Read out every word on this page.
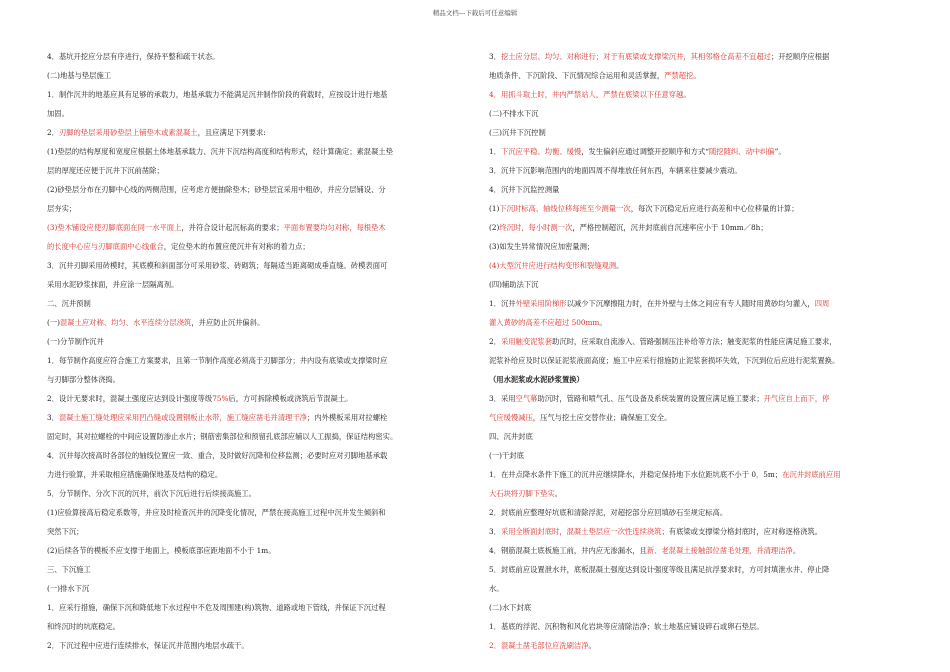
精品文档---下载后可任意编辑
4．基坑开挖应分层有序进行，保持平整和疏干状态。
(二)地基与垫层施工
1．制作沉井的地基应具有足够的承载力，地基承载力不能满足沉井制作阶段的荷载时，应按设计进行地基
加固。
2．刃脚的垫层采用砂垫层上铺垫木或素混凝土，且应满足下列要求:
(1)垫层的结构厚度和宽度应根据土体地基承载力、沉井下沉结构高度和结构形式，经计算确定；素混凝土垫
层的厚度还应便于沉井下沉前凿除；
(2)砂垫层分布在刃脚中心线的两侧范围，应考虑方便抽除垫木；砂垫层宜采用中粗砂，并应分层铺设、分
层夯实；
(3)垫木铺设应使刃脚底面在同一水平面上，并符合设计起沉标高的要求；平面布置要均匀对称，每根垫木
的长度中心应与刃脚底面中心线重合，定位垫木的布置应使沉井有对称的着力点；
3．沉井刃脚采用砖模时，其底模和斜面部分可采用砂浆、砖砌筑；每隔适当距离砌成垂直缝。砖模表面可
采用水泥砂浆抹面，并应涂一层隔离剂。
二、沉井预制
(一)混凝土应对称、均匀、水平连续分层浇筑，并应防止沉井偏斜。
(一)分节制作沉井
1．每节制作高度应符合施工方案要求，且第一节制作高度必须高于刃脚部分；井内设有底梁或支撑梁时应
与刃脚部分整体浇捣。
2．设计无要求时，混凝土强度应达到设计强度等级75%后，方可拆除模板或浇筑后节混凝土。
3．混凝土施工缝处理应采用凹凸缝或设置钢板止水带，施工缝应凿毛并清理干净；内外模板采用对拉螺栓
固定时，其对拉螺栓的中间应设置防渗止水片；钢筋密集部位和预留孔底部应辅以人工振捣，保证结构密实。
4．沉井每次接高时各部位的轴线位置应一致、重合，及时做好沉降和位移监测；必要时应对刃脚地基承载
力进行验算，并采取相应措施确保地基及结构的稳定。
5．分节制作、分次下沉的沉井，前次下沉后进行后续接高施工。
(1)应验算接高后稳定系数等，并应及时检查沉井的沉降变化情况，严禁在接高施工过程中沉井发生倾斜和
突然下沉；
(2)后续各节的模板不应支撑于地面上，模板底部应距地面不小于 1m。
三、下沉施工
(一)排水下沉
1．应采行措施，确保下沉和降低地下水过程中不危及周围建(构)筑物、道路或地下管线，并保证下沉过程
和终沉时的坑底稳定。
2．下沉过程中应进行连续排水，保证沉井范围内地层水疏干。
3．挖土应分层、均匀、对称进行；对于有底梁或支撑梁沉井，其相邻格仓高差不宜超过；开挖顺序应根据
地质条件、下沉阶段、下沉情况综合运用和灵活掌握，严禁超挖。
4．用抓斗取土时，井内严禁站人，严禁在底梁以下任意穿越。
(二)不排水下沉
(三)沉井下沉控制
1．下沉应平稳、均衡、缓慢，发生偏斜应通过调整开挖顺序和方式“随挖随纠、动中纠偏”。
3．沉井下沉影响范围内的地面四周不得堆放任何东西，车辆来往要减少震动。
4．沉井下沉监控测量
(1)下沉时标高、轴线位移每班至少测量一次，每次下沉稳定后应进行高差和中心位移量的计算；
(2)终沉时，每小时测一次，严格控制超沉，沉井封底前自沉速率应小于 10mm／8h；
(3)如发生异常情况应加密量测；
(4)大型沉井应进行结构变形和裂缝观测。
(四)辅助法下沉
1．沉井外壁采用阶梯形以减少下沉摩擦阻力时，在井外壁与土体之间应有专人随时用黄砂均匀灌入，四周
灌入黄砂的高差不应超过 500mm。
2．采用触变泥浆套助沉时，应采取自流渗入、管路强制压注补给等方法；触变泥浆的性能应满足施工要求，
泥浆补给应及时以保证泥浆液面高度；施工中应采行措施防止泥浆套损坏失效，下沉到位后应进行泥浆置换。
（用水泥浆或水泥砂浆置换）
3．采用空气幕助沉时，管路和喷气孔、压气设备及系统装置的设置应满足施工要求；开气应自上而下，停
气应缓慢减压，压气与挖土应交替作业；确保施工安全。
四、沉井封底
(一)干封底
1．在井点降水条件下施工的沉井应继续降水，并稳定保持地下水位距坑底不小于 0．5m；在沉井封底前应用
大石块将刃脚下垫实。
2．封底前应整理好坑底和清除浮泥，对超挖部分应回填砂石至规定标高。
3．采用全断面封底时，混凝土垫层应一次性连续浇筑；有底梁或支撑梁分格封底时，应对称逐格浇筑。
4．钢筋混凝土底板施工前，井内应无渗漏水，且新、老混凝土接触部位凿毛处理，并清理洁净。
5．封底前应设置泄水井，底板混凝土强度达到设计强度等级且满足抗浮要求时，方可封填泄水井、停止降
水。
(二)水下封底
1．基底的浮泥、沉积物和风化岩块等应清除洁净；软土地基应铺设碎石或卵石垫层。
2．混凝土凿毛部位应洗刷洁净。
